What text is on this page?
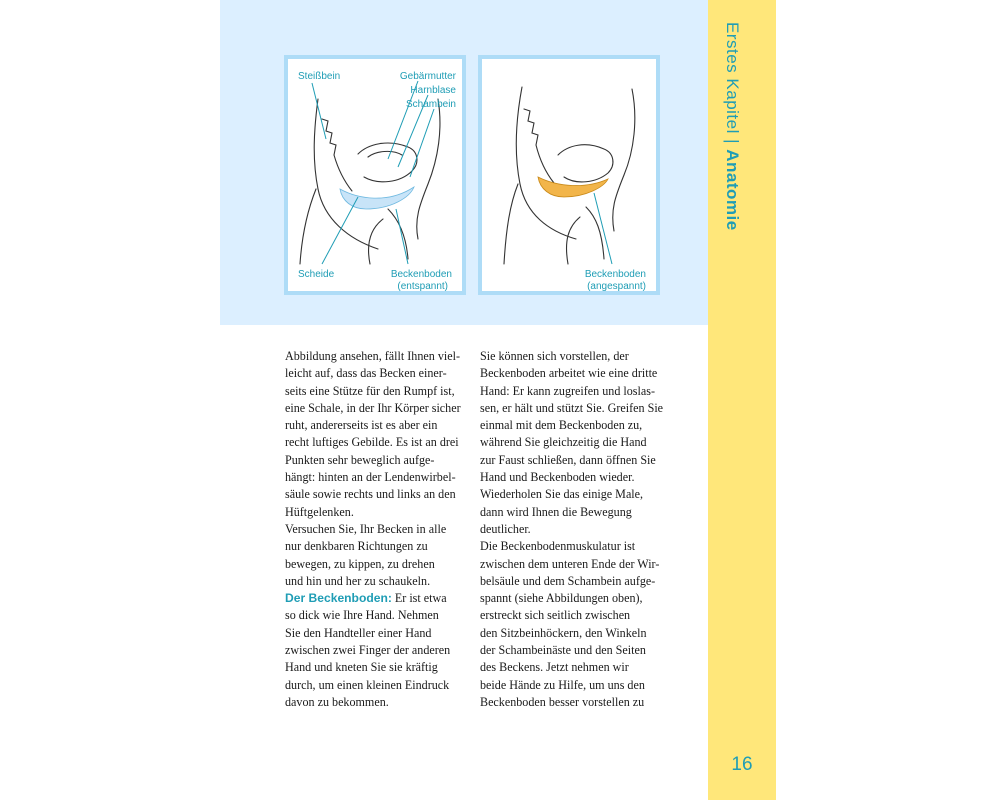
Steißbein	Gebärmutter
Harnblase
Schambein
Scheide	Beckenboden
(entspannt)
Beckenboden
(angespannt)

Abbildung ansehen, fällt Ihnen viel-

leicht auf, dass das Becken einer-

seits eine Stütze für den Rumpf ist,

eine Schale, in der Ihr Körper sicher

ruht, andererseits ist es aber ein

recht luftiges Gebilde. Es ist an drei

Punkten sehr beweglich aufge-

hängt: hinten an der Lendenwirbel-

säule sowie rechts und links an den

Hüftgelenken.

Versuchen Sie, Ihr Becken in alle

nur denkbaren Richtungen zu

bewegen, zu kippen, zu drehen

und hin und her zu schaukeln.

Der Beckenboden: Er ist etwa

so dick wie Ihre Hand. Nehmen

Sie den Handteller einer Hand

zwischen zwei Finger der anderen

Hand und kneten Sie sie kräftig

durch, um einen kleinen Eindruck

davon zu bekommen.

Sie können sich vorstellen, der

Beckenboden arbeitet wie eine dritte

Hand: Er kann zugreifen und loslas-

sen, er hält und stützt Sie. Greifen Sie

einmal mit dem Beckenboden zu,

während Sie gleichzeitig die Hand

zur Faust schließen, dann öffnen Sie

Hand und Beckenboden wieder.

Wiederholen Sie das einige Male,

dann wird Ihnen die Bewegung

deutlicher.

Die Beckenbodenmuskulatur ist

zwischen dem unteren Ende der Wir-

belsäule und dem Schambein aufge-

spannt (siehe Abbildungen oben),

erstreckt sich seitlich zwischen

den Sitzbeinhöckern, den Winkeln

der Schambeinäste und den Seiten

des Beckens. Jetzt nehmen wir

beide Hände zu Hilfe, um uns den

Beckenboden besser vorstellen zu

Erstes Kapitel | Anatomie
16
